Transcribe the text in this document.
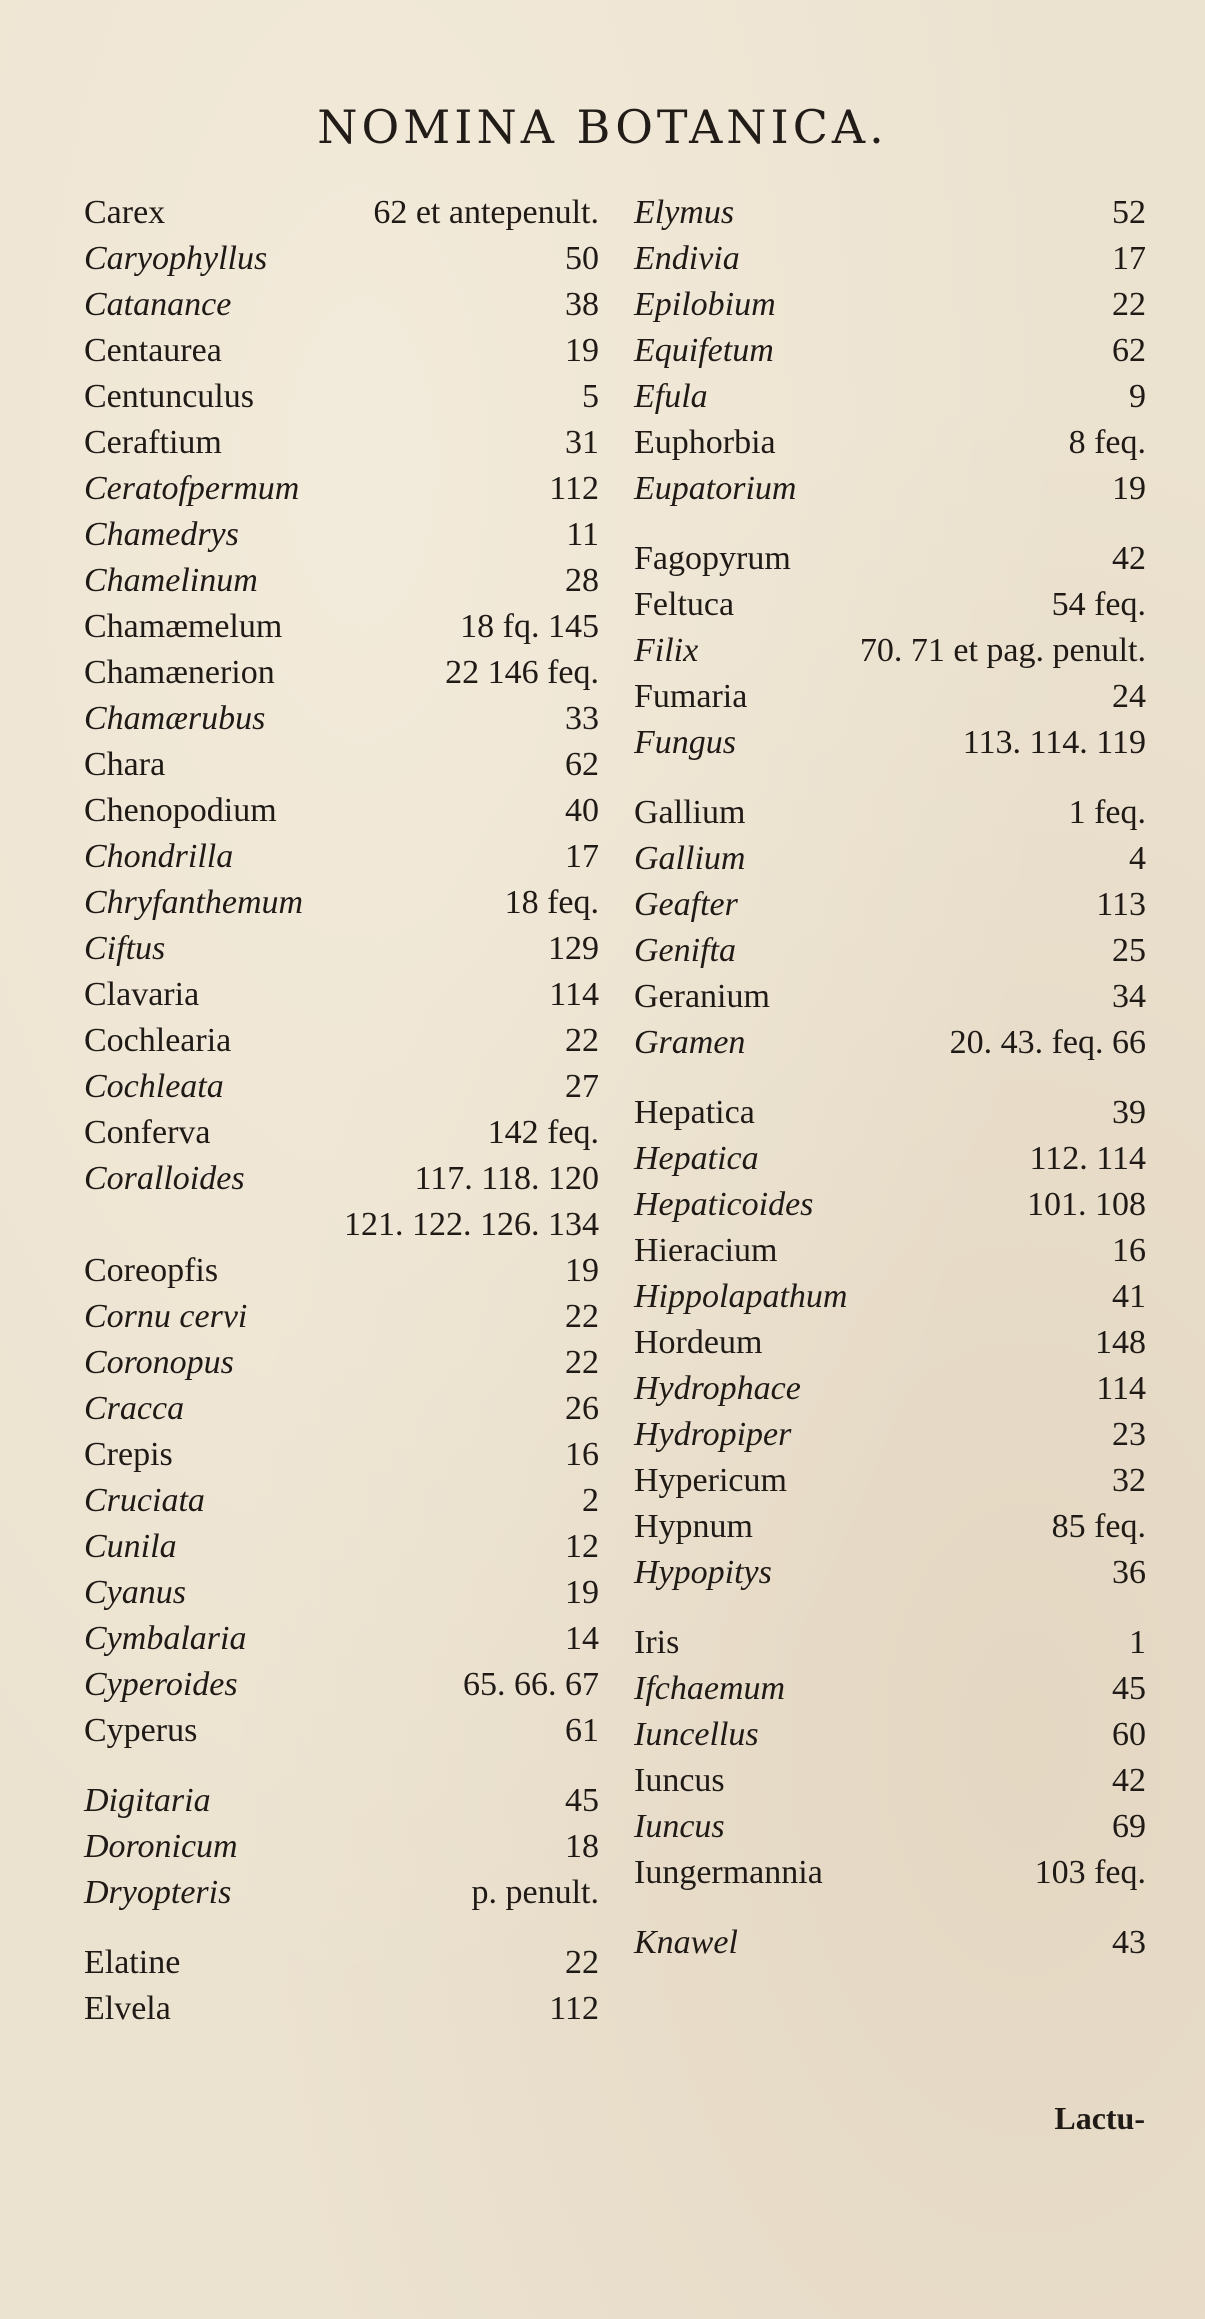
NOMINA BOTANICA.
Carex	62 et antepenult.
Caryophyllus	50
Catanance	38
Centaurea	19
Centunculus	5
Ceraftium	31
Ceratofpermum	112
Chamedrys	11
Chamelinum	28
Chamæmelum	18 fq. 145
Chamænerion	22 146 feq.
Chamærubus	33
Chara	62
Chenopodium	40
Chondrilla	17
Chryfanthemum	18 feq.
Ciftus	129
Clavaria	114
Cochlearia	22
Cochleata	27
Conferva	142 feq.
Coralloides	117. 118. 120
121. 122. 126. 134
Coreopfis	19
Cornu cervi	22
Coronopus	22
Cracca	26
Crepis	16
Cruciata	2
Cunila	12
Cyanus	19
Cymbalaria	14
Cyperoides	65. 66. 67
Cyperus	61
Digitaria	45
Doronicum	18
Dryopteris	p. penult.
Elatine	22
Elvela	112
Elymus	52
Endivia	17
Epilobium	22
Equifetum	62
Efula	9
Euphorbia	8 feq.
Eupatorium	19
Fagopyrum	42
Feltuca	54 feq.
Filix	70. 71 et pag. penult.
Fumaria	24
Fungus	113. 114. 119
Gallium	1 feq.
Gallium	4
Geafter	113
Genifta	25
Geranium	34
Gramen	20. 43. feq. 66
Hepatica	39
Hepatica	112. 114
Hepaticoides	101. 108
Hieracium	16
Hippolapathum	41
Hordeum	148
Hydrophace	114
Hydropiper	23
Hypericum	32
Hypnum	85 feq.
Hypopitys	36
Iris	1
Ifchaemum	45
Iuncellus	60
Iuncus	42
Iuncus	69
Iungermannia	103 feq.
Knawel	43
Lactu-
